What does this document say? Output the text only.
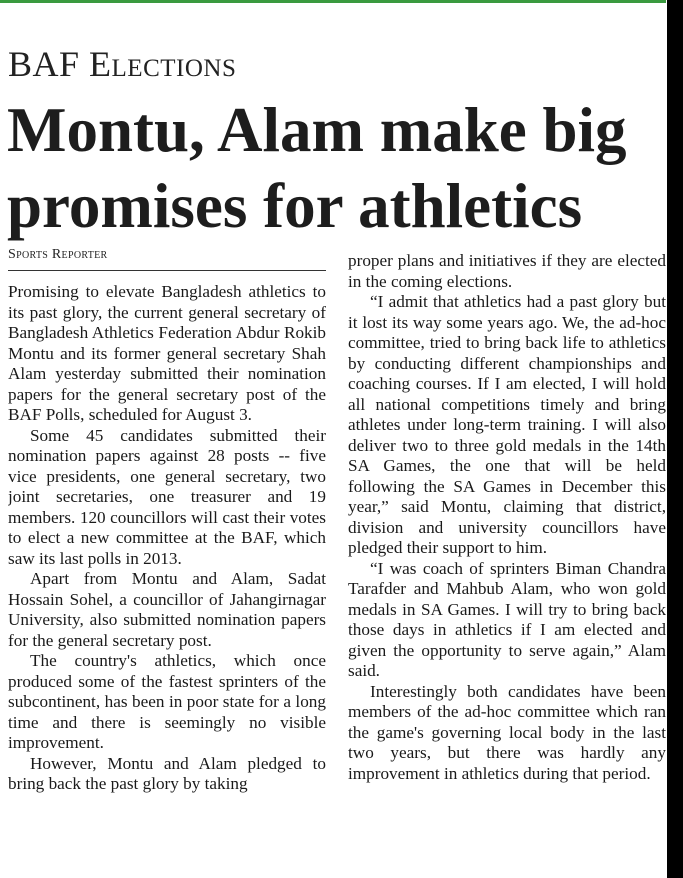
BAF Elections
Montu, Alam make big
promises for athletics
Sports Reporter

Promising to elevate Bangladesh athletics to its past glory, the current general secretary of Bangladesh Athletics Federation Abdur Rokib Montu and its former general secretary Shah Alam yesterday submitted their nomination papers for the general secretary post of the BAF Polls, scheduled for August 3.

Some 45 candidates submitted their nomination papers against 28 posts -- five vice presidents, one general secretary, two joint secretaries, one treasurer and 19 members. 120 councillors will cast their votes to elect a new committee at the BAF, which saw its last polls in 2013.

Apart from Montu and Alam, Sadat Hossain Sohel, a councillor of Jahangirnagar University, also submitted nomination papers for the general secretary post.

The country's athletics, which once produced some of the fastest sprinters of the subcontinent, has been in poor state for a long time and there is seemingly no visible improvement.

However, Montu and Alam pledged to bring back the past glory by taking

proper plans and initiatives if they are elected in the coming elections.

“I admit that athletics had a past glory but it lost its way some years ago. We, the ad-hoc committee, tried to bring back life to athletics by conducting different championships and coaching courses. If I am elected, I will hold all national competitions timely and bring athletes under long-term training. I will also deliver two to three gold medals in the 14th SA Games, the one that will be held following the SA Games in December this year,” said Montu, claiming that district, division and university councillors have pledged their support to him.

“I was coach of sprinters Biman Chandra Tarafder and Mahbub Alam, who won gold medals in SA Games. I will try to bring back those days in athletics if I am elected and given the opportunity to serve again,” Alam said.

Interestingly both candidates have been members of the ad-hoc committee which ran the game's governing local body in the last two years, but there was hardly any improvement in athletics during that period.
